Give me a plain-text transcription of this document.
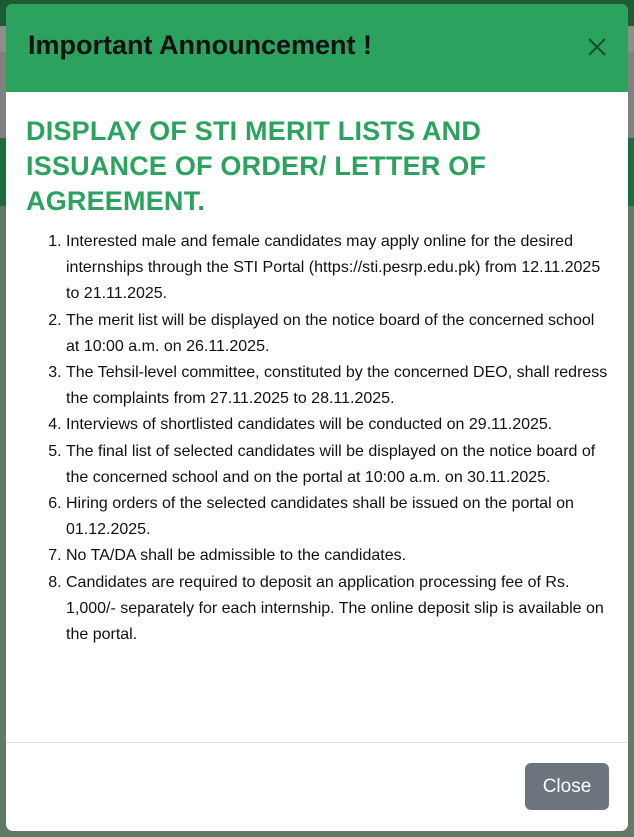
Important Announcement !
DISPLAY OF STI MERIT LISTS AND ISSUANCE OF ORDER/ LETTER OF AGREEMENT.
1. Interested male and female candidates may apply online for the desired internships through the STI Portal (https://sti.pesrp.edu.pk) from 12.11.2025 to 21.11.2025.
2. The merit list will be displayed on the notice board of the concerned school at 10:00 a.m. on 26.11.2025.
3. The Tehsil-level committee, constituted by the concerned DEO, shall redress the complaints from 27.11.2025 to 28.11.2025.
4. Interviews of shortlisted candidates will be conducted on 29.11.2025.
5. The final list of selected candidates will be displayed on the notice board of the concerned school and on the portal at 10:00 a.m. on 30.11.2025.
6. Hiring orders of the selected candidates shall be issued on the portal on 01.12.2025.
7. No TA/DA shall be admissible to the candidates.
8. Candidates are required to deposit an application processing fee of Rs. 1,000/- separately for each internship. The online deposit slip is available on the portal.
Close
